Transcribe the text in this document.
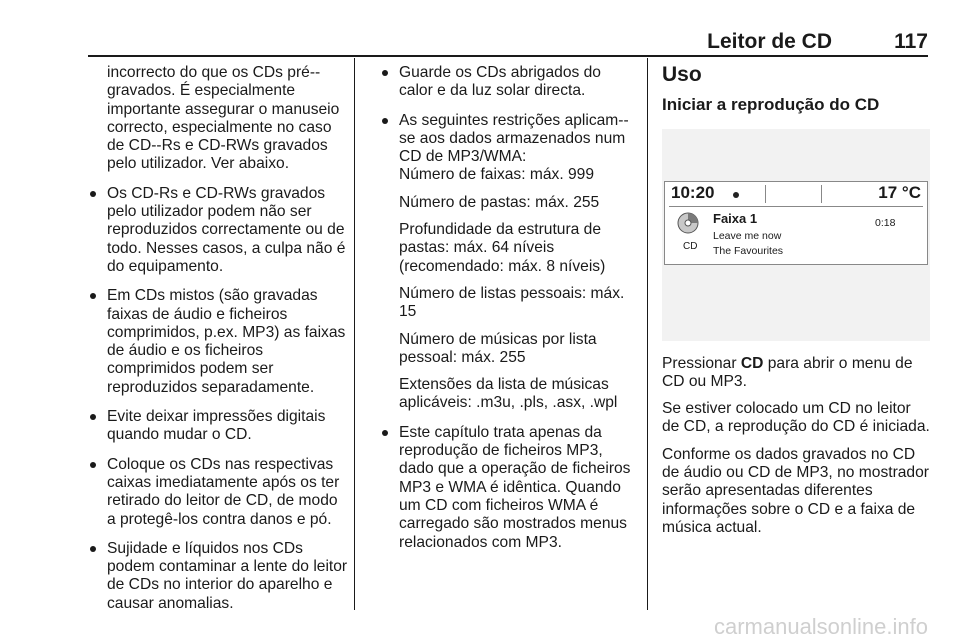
Leitor de CD	117

incorrecto do que os CDs pré--gravados. É especialmente importante assegurar o manuseio correcto, especialmente no caso de CD--Rs e CD-RWs gravados pelo utilizador. Ver abaixo.

Os CD-Rs e CD-RWs gravados pelo utilizador podem não ser reproduzidos correctamente ou de todo. Nesses casos, a culpa não é do equipamento.
Em CDs mistos (são gravadas faixas de áudio e ficheiros comprimidos, p.ex. MP3) as faixas de áudio e os ficheiros comprimidos podem ser reproduzidos separadamente.
Evite deixar impressões digitais quando mudar o CD.
Coloque os CDs nas respectivas caixas imediatamente após os ter retirado do leitor de CD, de modo a protegê-los contra danos e pó.
Sujidade e líquidos nos CDs podem contaminar a lente do leitor de CDs no interior do aparelho e causar anomalias.
Guarde os CDs abrigados do calor e da luz solar directa.
As seguintes restrições aplicam--se aos dados armazenados num CD de MP3/WMA:

Número de faixas: máx. 999

Número de pastas: máx. 255

Profundidade da estrutura de pastas: máx. 64 níveis (recomendado: máx. 8 níveis)

Número de listas pessoais: máx. 15

Número de músicas por lista pessoal: máx. 255

Extensões da lista de músicas aplicáveis: .m3u, .pls, .asx, .wpl

Este capítulo trata apenas da reprodução de ficheiros MP3, dado que a operação de ficheiros MP3 e WMA é idêntica. Quando um CD com ficheiros WMA é carregado são mostrados menus relacionados com MP3.
Uso
Iniciar a reprodução do CD
10:20	17 °C
CD
Faixa 1
Leave me now
The Favourites
0:18

Pressionar CD para abrir o menu de CD ou MP3.

Se estiver colocado um CD no leitor de CD, a reprodução do CD é iniciada.

Conforme os dados gravados no CD de áudio ou CD de MP3, no mostrador serão apresentadas diferentes informações sobre o CD e a faixa de música actual.

carmanualsonline.info
